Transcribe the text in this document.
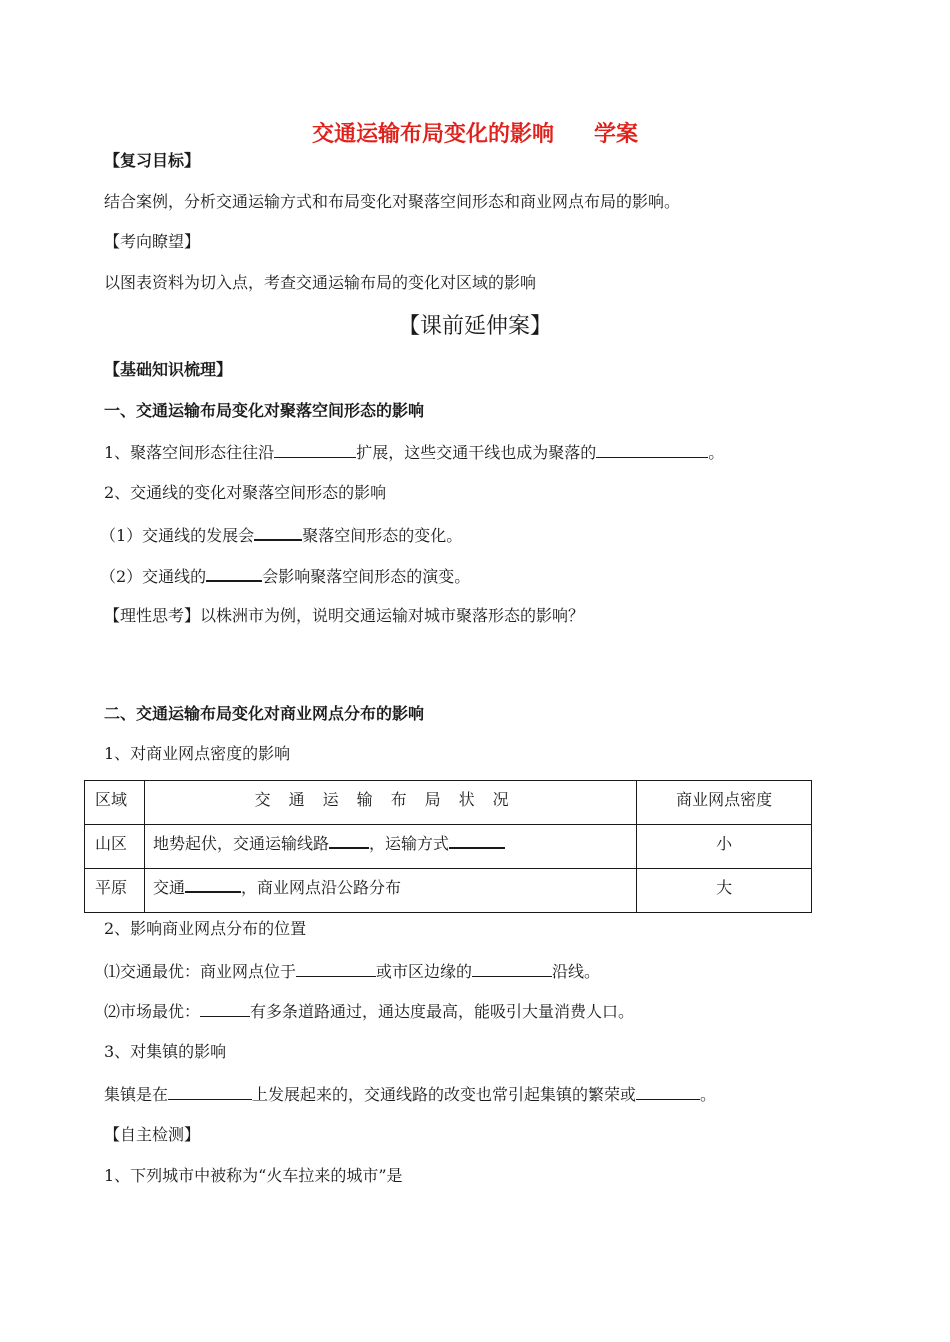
交通运输布局变化的影响 学案
【复习目标】
结合案例，分析交通运输方式和布局变化对聚落空间形态和商业网点布局的影响。
【考向瞭望】
以图表资料为切入点，考查交通运输布局的变化对区域的影响
【课前延伸案】
【基础知识梳理】
一、交通运输布局变化对聚落空间形态的影响
1、聚落空间形态往往沿	扩展，这些交通干线也成为聚落的	。
2、交通线的变化对聚落空间形态的影响
（1）交通线的发展会	聚落空间形态的变化。
（2）交通线的	会影响聚落空间形态的演变。
【理性思考】以株洲市为例，说明交通运输对城市聚落形态的影响？
二、交通运输布局变化对商业网点分布的影响
1、对商业网点密度的影响
区域	交通运输布局状况	商业网点密度
山区	地势起伏，交通运输线路 ，运输方式	小
平原	交通 ，商业网点沿公路分布	大
2、影响商业网点分布的位置
⑴交通最优：商业网点位于	或市区边缘的	沿线。
⑵市场最优：	有多条道路通过，通达度最高，能吸引大量消费人口。
3、对集镇的影响
集镇是在	上发展起来的，交通线路的改变也常引起集镇的繁荣或	。
【自主检测】
1、下列城市中被称为“火车拉来的城市”是
